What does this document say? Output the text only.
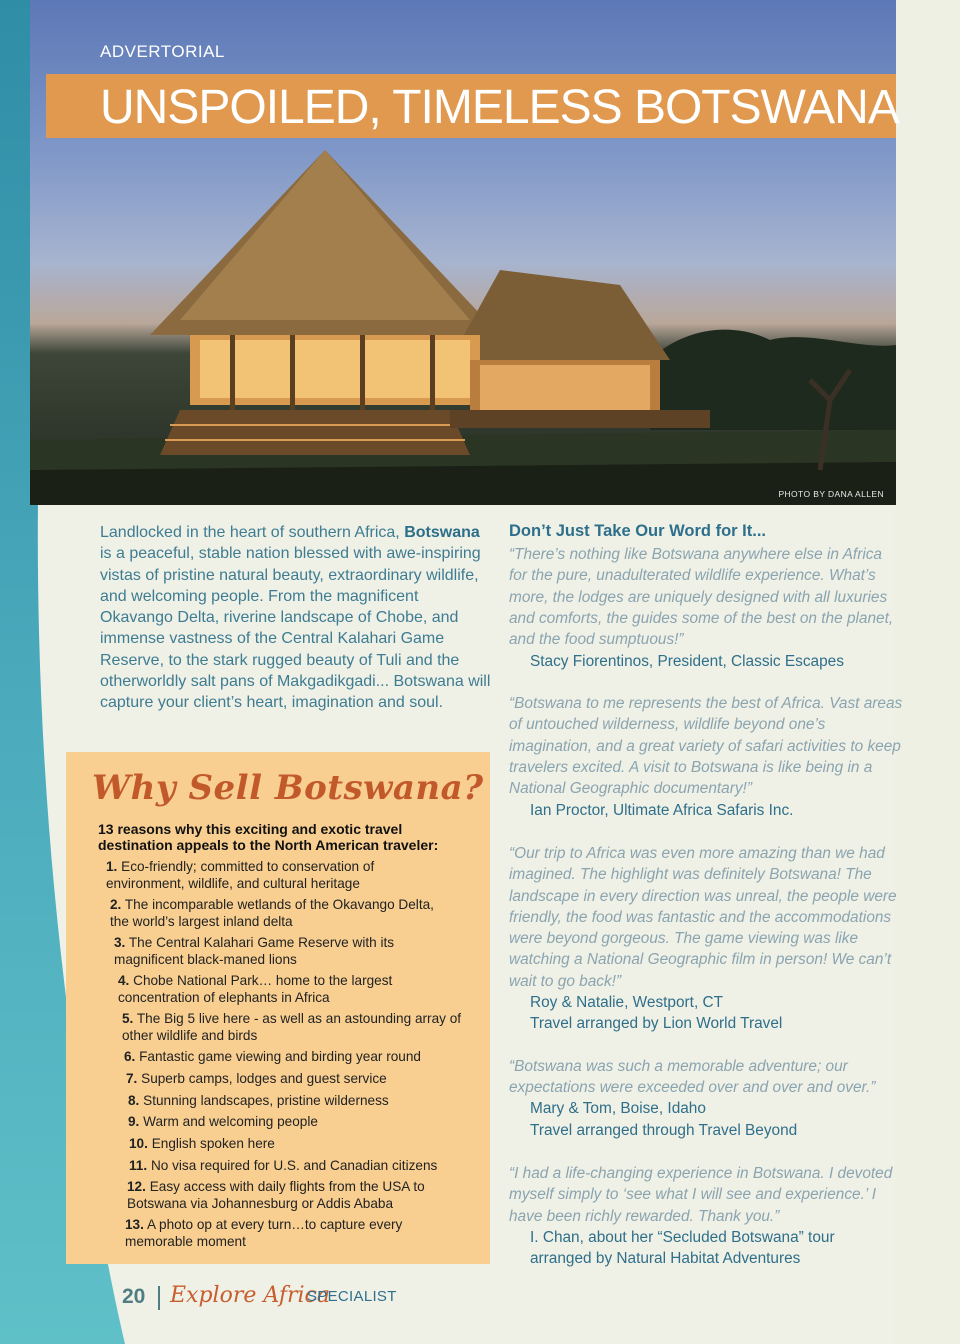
ADVERTORIAL
UNSPOILED, TIMELESS BOTSWANA
PHOTO BY DANA ALLEN
Landlocked in the heart of southern Africa, Botswana is a peaceful, stable nation blessed with awe-inspiring vistas of pristine natural beauty, extraordinary wildlife, and welcoming people. From the magnificent Okavango Delta, riverine landscape of Chobe, and immense vastness of the Central Kalahari Game Reserve, to the stark rugged beauty of Tuli and the otherworldly salt pans of Makgadikgadi... Botswana will capture your client’s heart, imagination and soul.
Why Sell Botswana?
13 reasons why this exciting and exotic travel destination appeals to the North American traveler:
1. Eco-friendly; committed to conservation of environment, wildlife, and cultural heritage
2. The incomparable wetlands of the Okavango Delta, the world’s largest inland delta
3. The Central Kalahari Game Reserve with its magnificent black-maned lions
4. Chobe National Park… home to the largest concentration of elephants in Africa
5. The Big 5 live here - as well as an astounding array of other wildlife and birds
6. Fantastic game viewing and birding year round
7. Superb camps, lodges and guest service
8. Stunning landscapes, pristine wilderness
9. Warm and welcoming people
10. English spoken here
11. No visa required for U.S. and Canadian citizens
12. Easy access with daily flights from the USA to Botswana via Johannesburg or Addis Ababa
13. A photo op at every turn…to capture every memorable moment
20 Explore Africa
SPECIALIST
Don’t Just Take Our Word for It...
“There’s nothing like Botswana anywhere else in Africa for the pure, unadulterated wildlife experience. What’s more, the lodges are uniquely designed with all luxuries and comforts, the guides some of the best on the planet, and the food sumptuous!”
Stacy Fiorentinos, President, Classic Escapes
“Botswana to me represents the best of Africa. Vast areas of untouched wilderness, wildlife beyond one’s imagination, and a great variety of safari activities to keep travelers excited. A visit to Botswana is like being in a National Geographic documentary!”
Ian Proctor, Ultimate Africa Safaris Inc.
“Our trip to Africa was even more amazing than we had imagined. The highlight was definitely Botswana! The landscape in every direction was unreal, the people were friendly, the food was fantastic and the accommodations were beyond gorgeous. The game viewing was like watching a National Geographic film in person! We can’t wait to go back!”
Roy & Natalie, Westport, CT
Travel arranged by Lion World Travel
“Botswana was such a memorable adventure; our expectations were exceeded over and over and over.”
Mary & Tom, Boise, Idaho
Travel arranged through Travel Beyond
“I had a life-changing experience in Botswana. I devoted myself simply to ‘see what I will see and experience.’ I have been richly rewarded. Thank you.”
I. Chan, about her “Secluded Botswana” tour arranged by Natural Habitat Adventures
